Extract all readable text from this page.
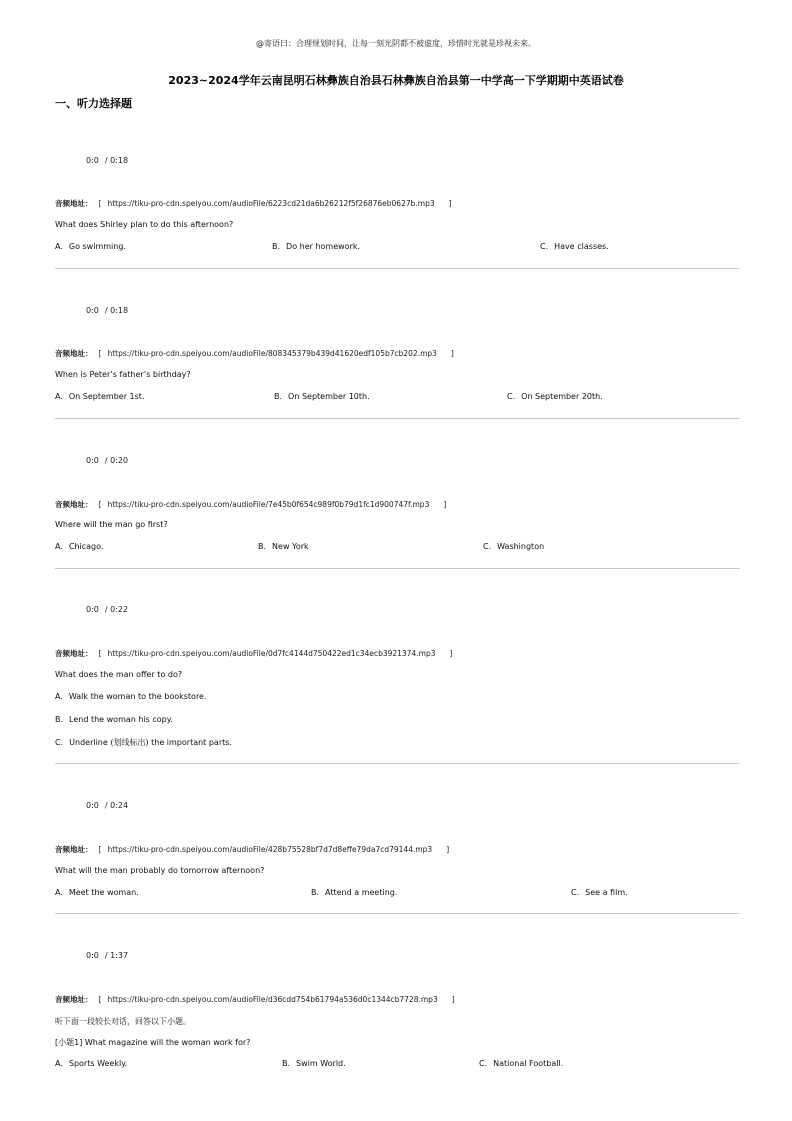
@寄语曰：合理规划时间，让每一刻光阴都不被虚度，珍惜时光就是珍视未来。
2023~2024学年云南昆明石林彝族自治县石林彝族自治县第一中学高一下学期期中英语试卷
一、听力选择题
0:0 / 0:18
音频地址： [ https://tiku-pro-cdn.speiyou.com/audioFile/6223cd21da6b26212f5f26876eb0627b.mp3 ]
What does Shirley plan to do this afternoon?
A. Go swimming.	B. Do her homework.	C. Have classes.
0:0 / 0:18
音频地址： [ https://tiku-pro-cdn.speiyou.com/audioFile/808345379b439d41620edf105b7cb202.mp3 ]
When is Peter’s father’s birthday?
A. On September 1st.	B. On September 10th.	C. On September 20th.
0:0 / 0:20
音频地址： [ https://tiku-pro-cdn.speiyou.com/audioFile/7e45b0f654c989f0b79d1fc1d900747f.mp3 ]
Where will the man go first?
A. Chicago.	B. New York	C. Washington
0:0 / 0:22
音频地址： [ https://tiku-pro-cdn.speiyou.com/audioFile/0d7fc4144d750422ed1c34ecb3921374.mp3 ]
What does the man offer to do?
A. Walk the woman to the bookstore.
B. Lend the woman his copy.
C. Underline (划线标出) the important parts.
0:0 / 0:24
音频地址： [ https://tiku-pro-cdn.speiyou.com/audioFile/428b75528bf7d7d8effe79da7cd79144.mp3 ]
What will the man probably do tomorrow afternoon?
A. Meet the woman.	B. Attend a meeting.	C. See a film.
0:0 / 1:37
音频地址： [ https://tiku-pro-cdn.speiyou.com/audioFile/d36cdd754b61794a536d0c1344cb7728.mp3 ]
听下面一段较长对话，回答以下小题。
[小题1] What magazine will the woman work for?
A. Sports Weekly.	B. Swim World.	C. National Football.
